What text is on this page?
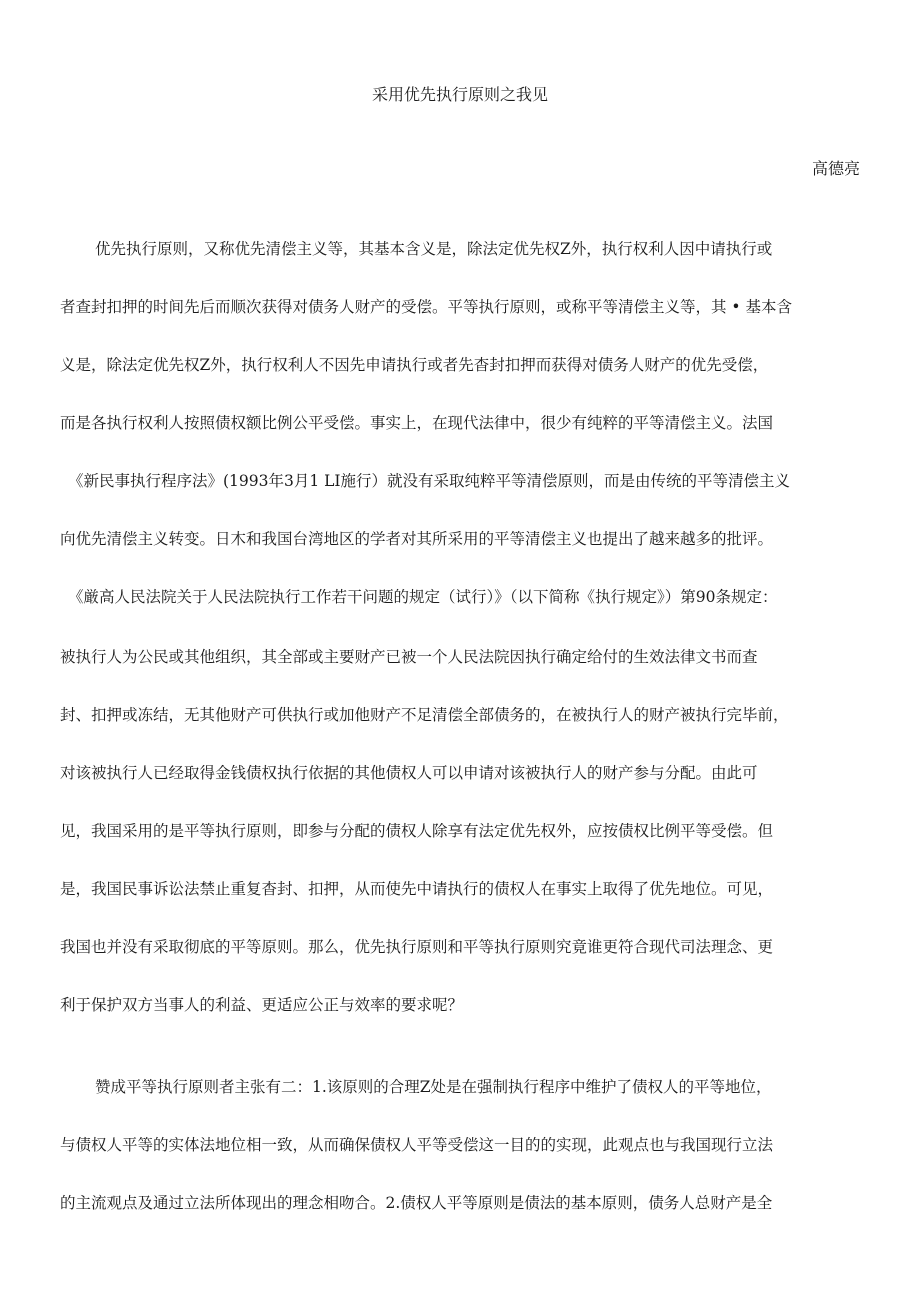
采用优先执行原则之我见
高德亮
优先执行原则，又称优先清偿主义等，其基本含义是，除法定优先权Z外，执行权利人因中请执行或
者查封扣押的时间先后而顺次获得对债务人财产的受偿。平等执行原则，或称平等清偿主义等，其 • 基本含
义是，除法定优先权Z外，执行权利人不因先申请执行或者先杳封扣押而获得对债务人财产的优先受偿，
而是各执行权利人按照债权额比例公平受偿。事实上，在现代法律中，很少有纯粹的平等清偿主义。法国
《新民事执行程序法》(1993年3月1 LI施行）就没有采取纯粹平等清偿原则，而是由传统的平等清偿主义
向优先清偿主义转变。日木和我国台湾地区的学者对其所采用的平等清偿主义也提出了越来越多的批评。
《厳高人民法院关于人民法院执行工作若干问题的规定（试行）》（以下简称《执行规定》）第90条规定：
被执行人为公民或其他组织，其全部或主要财产已被一个人民法院因执行确定给付的生效法律文书而查
封、扣押或冻结，无其他财产可供执行或加他财产不足清偿全部债务的，在被执行人的财产被执行完毕前，
对该被执行人已经取得金钱债权执行依据的其他债权人可以申请对该被执行人的财产参与分配。由此可
见，我国采用的是平等执行原则，即参与分配的债权人除享有法定优先权外，应按债权比例平等受偿。但
是，我国民事诉讼法禁止重复杳封、扣押，从而使先中请执行的债权人在事实上取得了优先地位。可见，
我国也并没有采取彻底的平等原则。那么，优先执行原则和平等执行原则究竟谁更符合现代司法理念、更
利于保护双方当事人的利益、更适应公正与效率的要求呢？
赞成平等执行原则者主张有二：1.该原则的合理Z处是在强制执行程序中维护了债权人的平等地位，
与债权人平等的实体法地位相一致，从而确保债权人平等受偿这一目的的实现，此观点也与我国现行立法
的主流观点及通过立法所体现出的理念相吻合。2.债权人平等原则是债法的基本原则，债务人总财产是全
